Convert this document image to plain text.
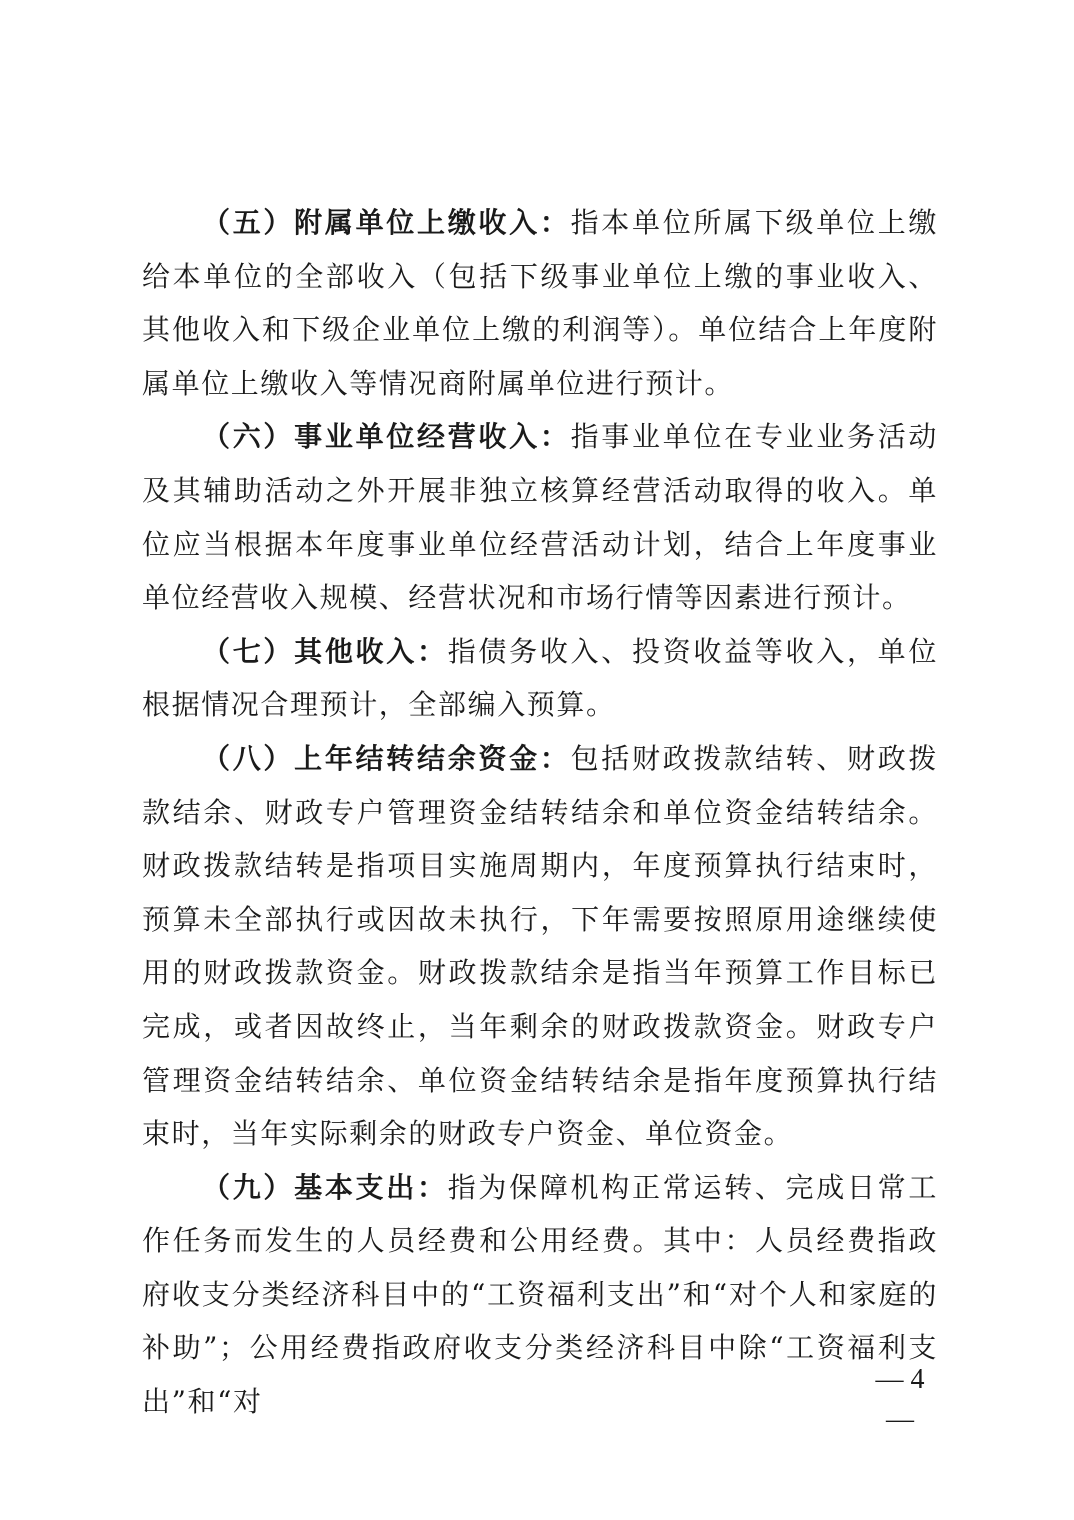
（五）附属单位上缴收入：指本单位所属下级单位上缴给本单位的全部收入（包括下级事业单位上缴的事业收入、其他收入和下级企业单位上缴的利润等）。单位结合上年度附属单位上缴收入等情况商附属单位进行预计。

（六）事业单位经营收入：指事业单位在专业业务活动及其辅助活动之外开展非独立核算经营活动取得的收入。单位应当根据本年度事业单位经营活动计划，结合上年度事业单位经营收入规模、经营状况和市场行情等因素进行预计。

（七）其他收入：指债务收入、投资收益等收入，单位根据情况合理预计，全部编入预算。

（八）上年结转结余资金：包括财政拨款结转、财政拨款结余、财政专户管理资金结转结余和单位资金结转结余。财政拨款结转是指项目实施周期内，年度预算执行结束时，预算未全部执行或因故未执行，下年需要按照原用途继续使用的财政拨款资金。财政拨款结余是指当年预算工作目标已完成，或者因故终止，当年剩余的财政拨款资金。财政专户管理资金结转结余、单位资金结转结余是指年度预算执行结束时，当年实际剩余的财政专户资金、单位资金。

（九）基本支出：指为保障机构正常运转、完成日常工作任务而发生的人员经费和公用经费。其中：人员经费指政府收支分类经济科目中的“工资福利支出”和“对个人和家庭的补助”；公用经费指政府收支分类经济科目中除“工资福利支出”和“对

— 4 —
